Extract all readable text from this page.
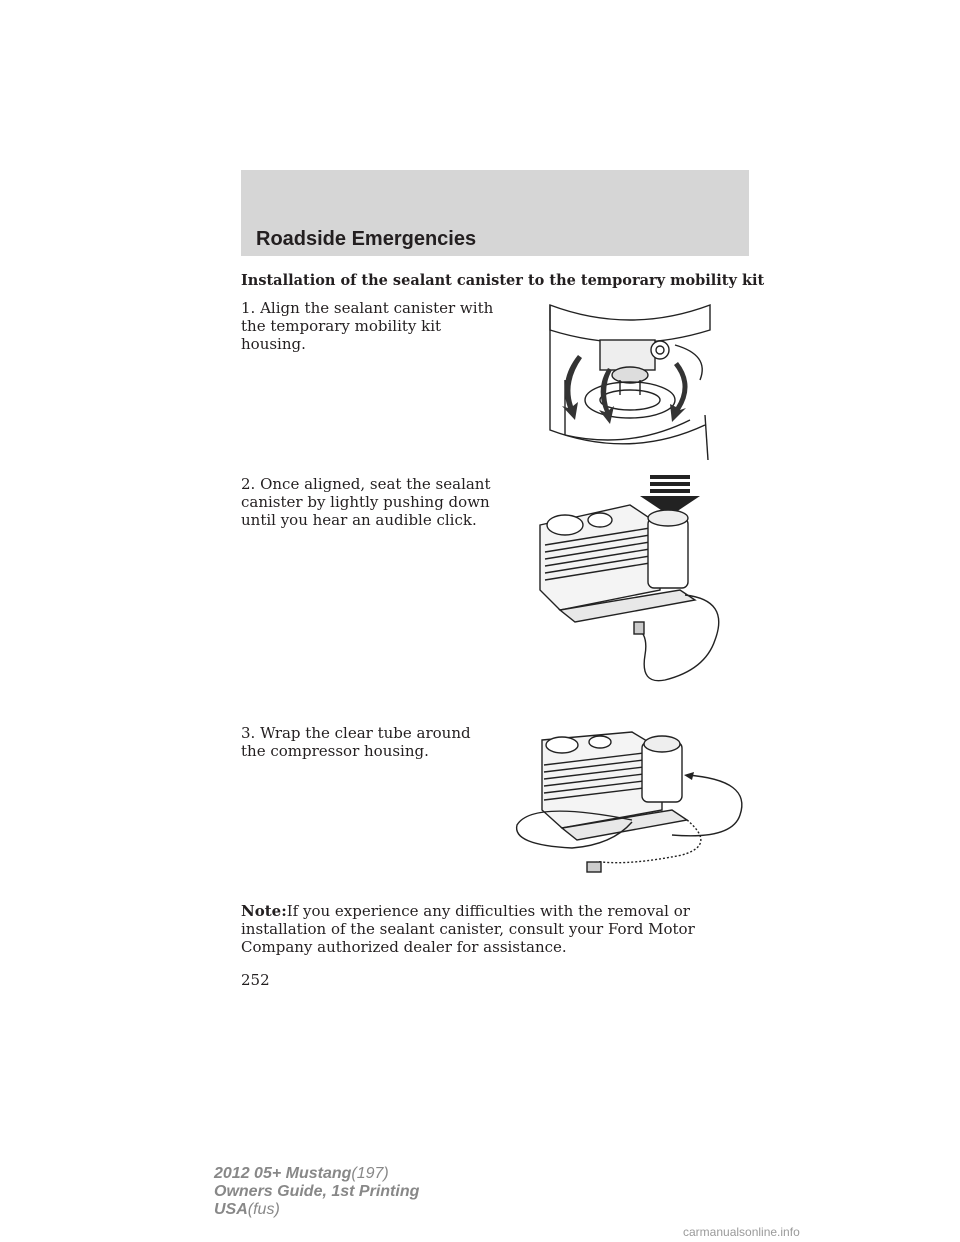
Roadside Emergencies

Installation of the sealant canister to the temporary mobility kit

1. Align the sealant canister with the temporary mobility kit housing.

2. Once aligned, seat the sealant canister by lightly pushing down until you hear an audible click.

3. Wrap the clear tube around the compressor housing.

Note:If you experience any difficulties with the removal or installation of the sealant canister, consult your Ford Motor Company authorized dealer for assistance.

252

2012 05+ Mustang(197)
Owners Guide, 1st Printing
USA(fus)

carmanualsonline.info
